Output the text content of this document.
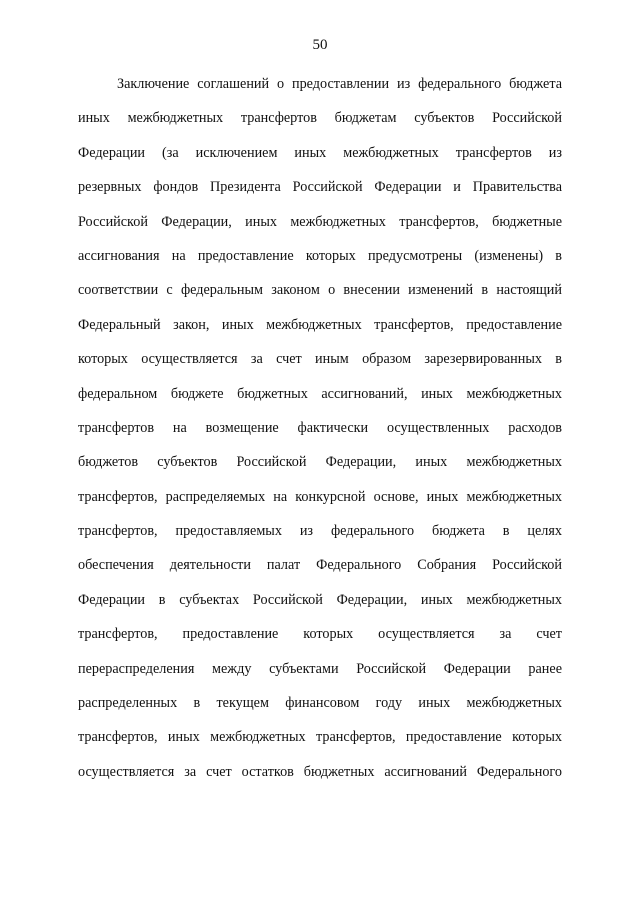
50
Заключение соглашений о предоставлении из федерального бюджета
иных межбюджетных трансфертов бюджетам субъектов Российской
Федерации (за исключением иных межбюджетных трансфертов из
резервных фондов Президента Российской Федерации и Правительства
Российской Федерации, иных межбюджетных трансфертов, бюджетные
ассигнования на предоставление которых предусмотрены (изменены) в
соответствии с федеральным законом о внесении изменений в настоящий
Федеральный закон, иных межбюджетных трансфертов, предоставление
которых осуществляется за счет иным образом зарезервированных в
федеральном бюджете бюджетных ассигнований, иных межбюджетных
трансфертов на возмещение фактически осуществленных расходов
бюджетов субъектов Российской Федерации, иных межбюджетных
трансфертов, распределяемых на конкурсной основе, иных межбюджетных
трансфертов, предоставляемых из федерального бюджета в целях
обеспечения деятельности палат Федерального Собрания Российской
Федерации в субъектах Российской Федерации, иных межбюджетных
трансфертов, предоставление которых осуществляется за счет
перераспределения между субъектами Российской Федерации ранее
распределенных в текущем финансовом году иных межбюджетных
трансфертов, иных межбюджетных трансфертов, предоставление которых
осуществляется за счет остатков бюджетных ассигнований Федерального
